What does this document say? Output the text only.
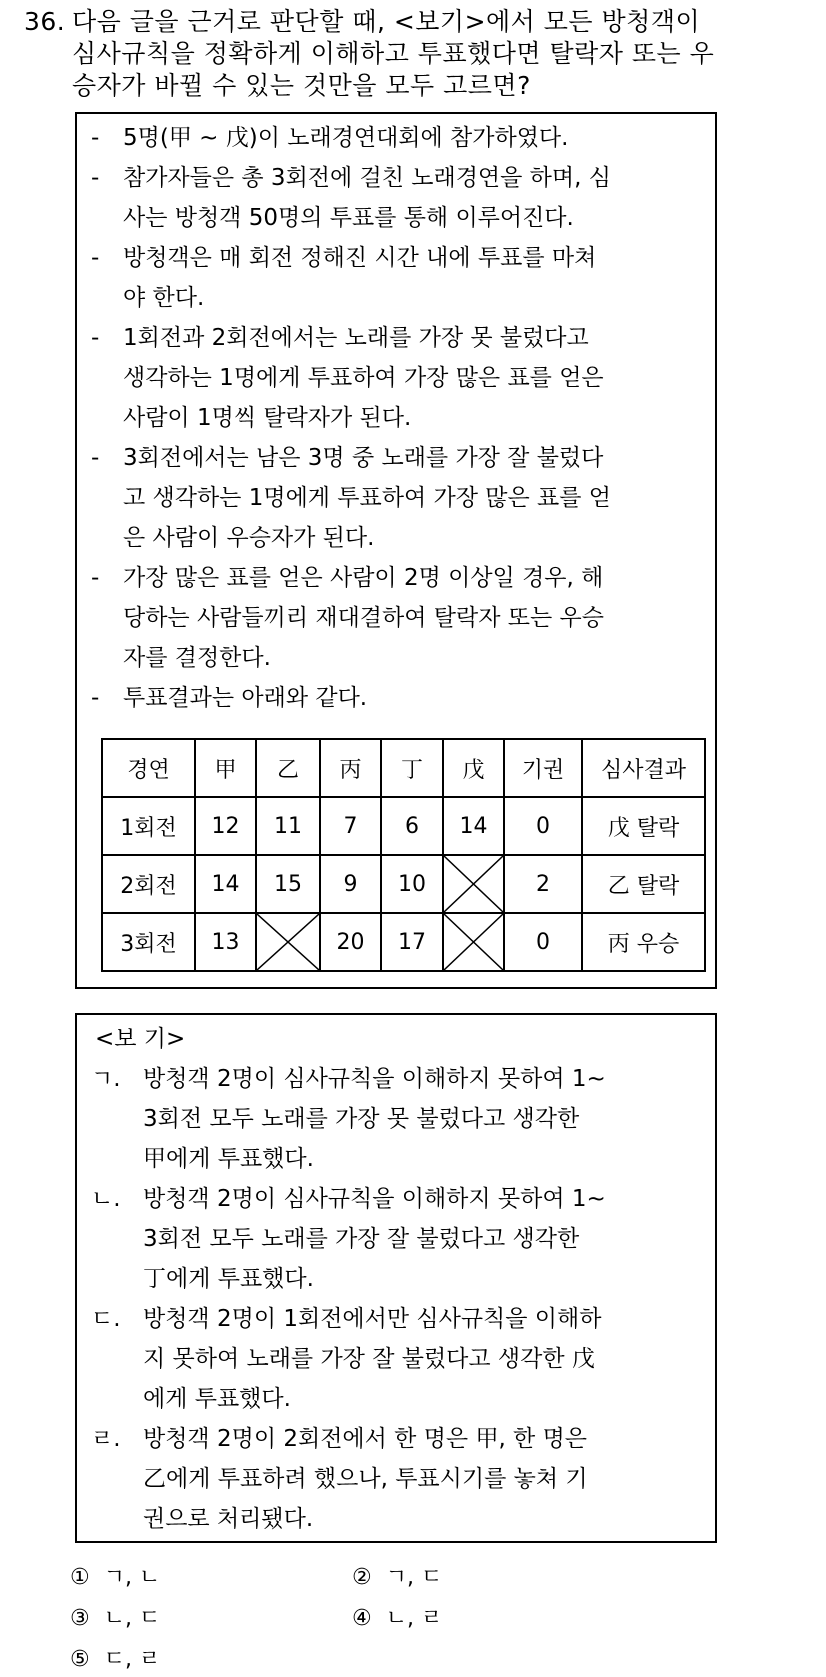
36. 다음 글을 근거로 판단할 때, <보기>에서 모든 방청객이
심사규칙을 정확하게 이해하고 투표했다면 탈락자 또는 우
승자가 바뀔 수 있는 것만을 모두 고르면?
- 5명(甲 ~ 戊)이 노래경연대회에 참가하였다.
- 참가자들은 총 3회전에 걸친 노래경연을 하며, 심
사는 방청객 50명의 투표를 통해 이루어진다.
- 방청객은 매 회전 정해진 시간 내에 투표를 마쳐
야 한다.
- 1회전과 2회전에서는 노래를 가장 못 불렀다고
생각하는 1명에게 투표하여 가장 많은 표를 얻은
사람이 1명씩 탈락자가 된다.
- 3회전에서는 남은 3명 중 노래를 가장 잘 불렀다
고 생각하는 1명에게 투표하여 가장 많은 표를 얻
은 사람이 우승자가 된다.
- 가장 많은 표를 얻은 사람이 2명 이상일 경우, 해
당하는 사람들끼리 재대결하여 탈락자 또는 우승
자를 결정한다.
- 투표결과는 아래와 같다.
경연	甲	乙	丙	丁	戊	기권	심사결과
1회전	12	11	7	6	14	0	戊 탈락
2회전	14	15	9	10		2	乙 탈락
3회전	13		20	17		0	丙 우승
<보 기>
ㄱ. 방청객 2명이 심사규칙을 이해하지 못하여 1~
3회전 모두 노래를 가장 못 불렀다고 생각한
甲에게 투표했다.
ㄴ. 방청객 2명이 심사규칙을 이해하지 못하여 1~
3회전 모두 노래를 가장 잘 불렀다고 생각한
丁에게 투표했다.
ㄷ. 방청객 2명이 1회전에서만 심사규칙을 이해하
지 못하여 노래를 가장 잘 불렀다고 생각한 戊
에게 투표했다.
ㄹ. 방청객 2명이 2회전에서 한 명은 甲, 한 명은
乙에게 투표하려 했으나, 투표시기를 놓쳐 기
권으로 처리됐다.
① ㄱ, ㄴ	② ㄱ, ㄷ
③ ㄴ, ㄷ	④ ㄴ, ㄹ
⑤ ㄷ, ㄹ
